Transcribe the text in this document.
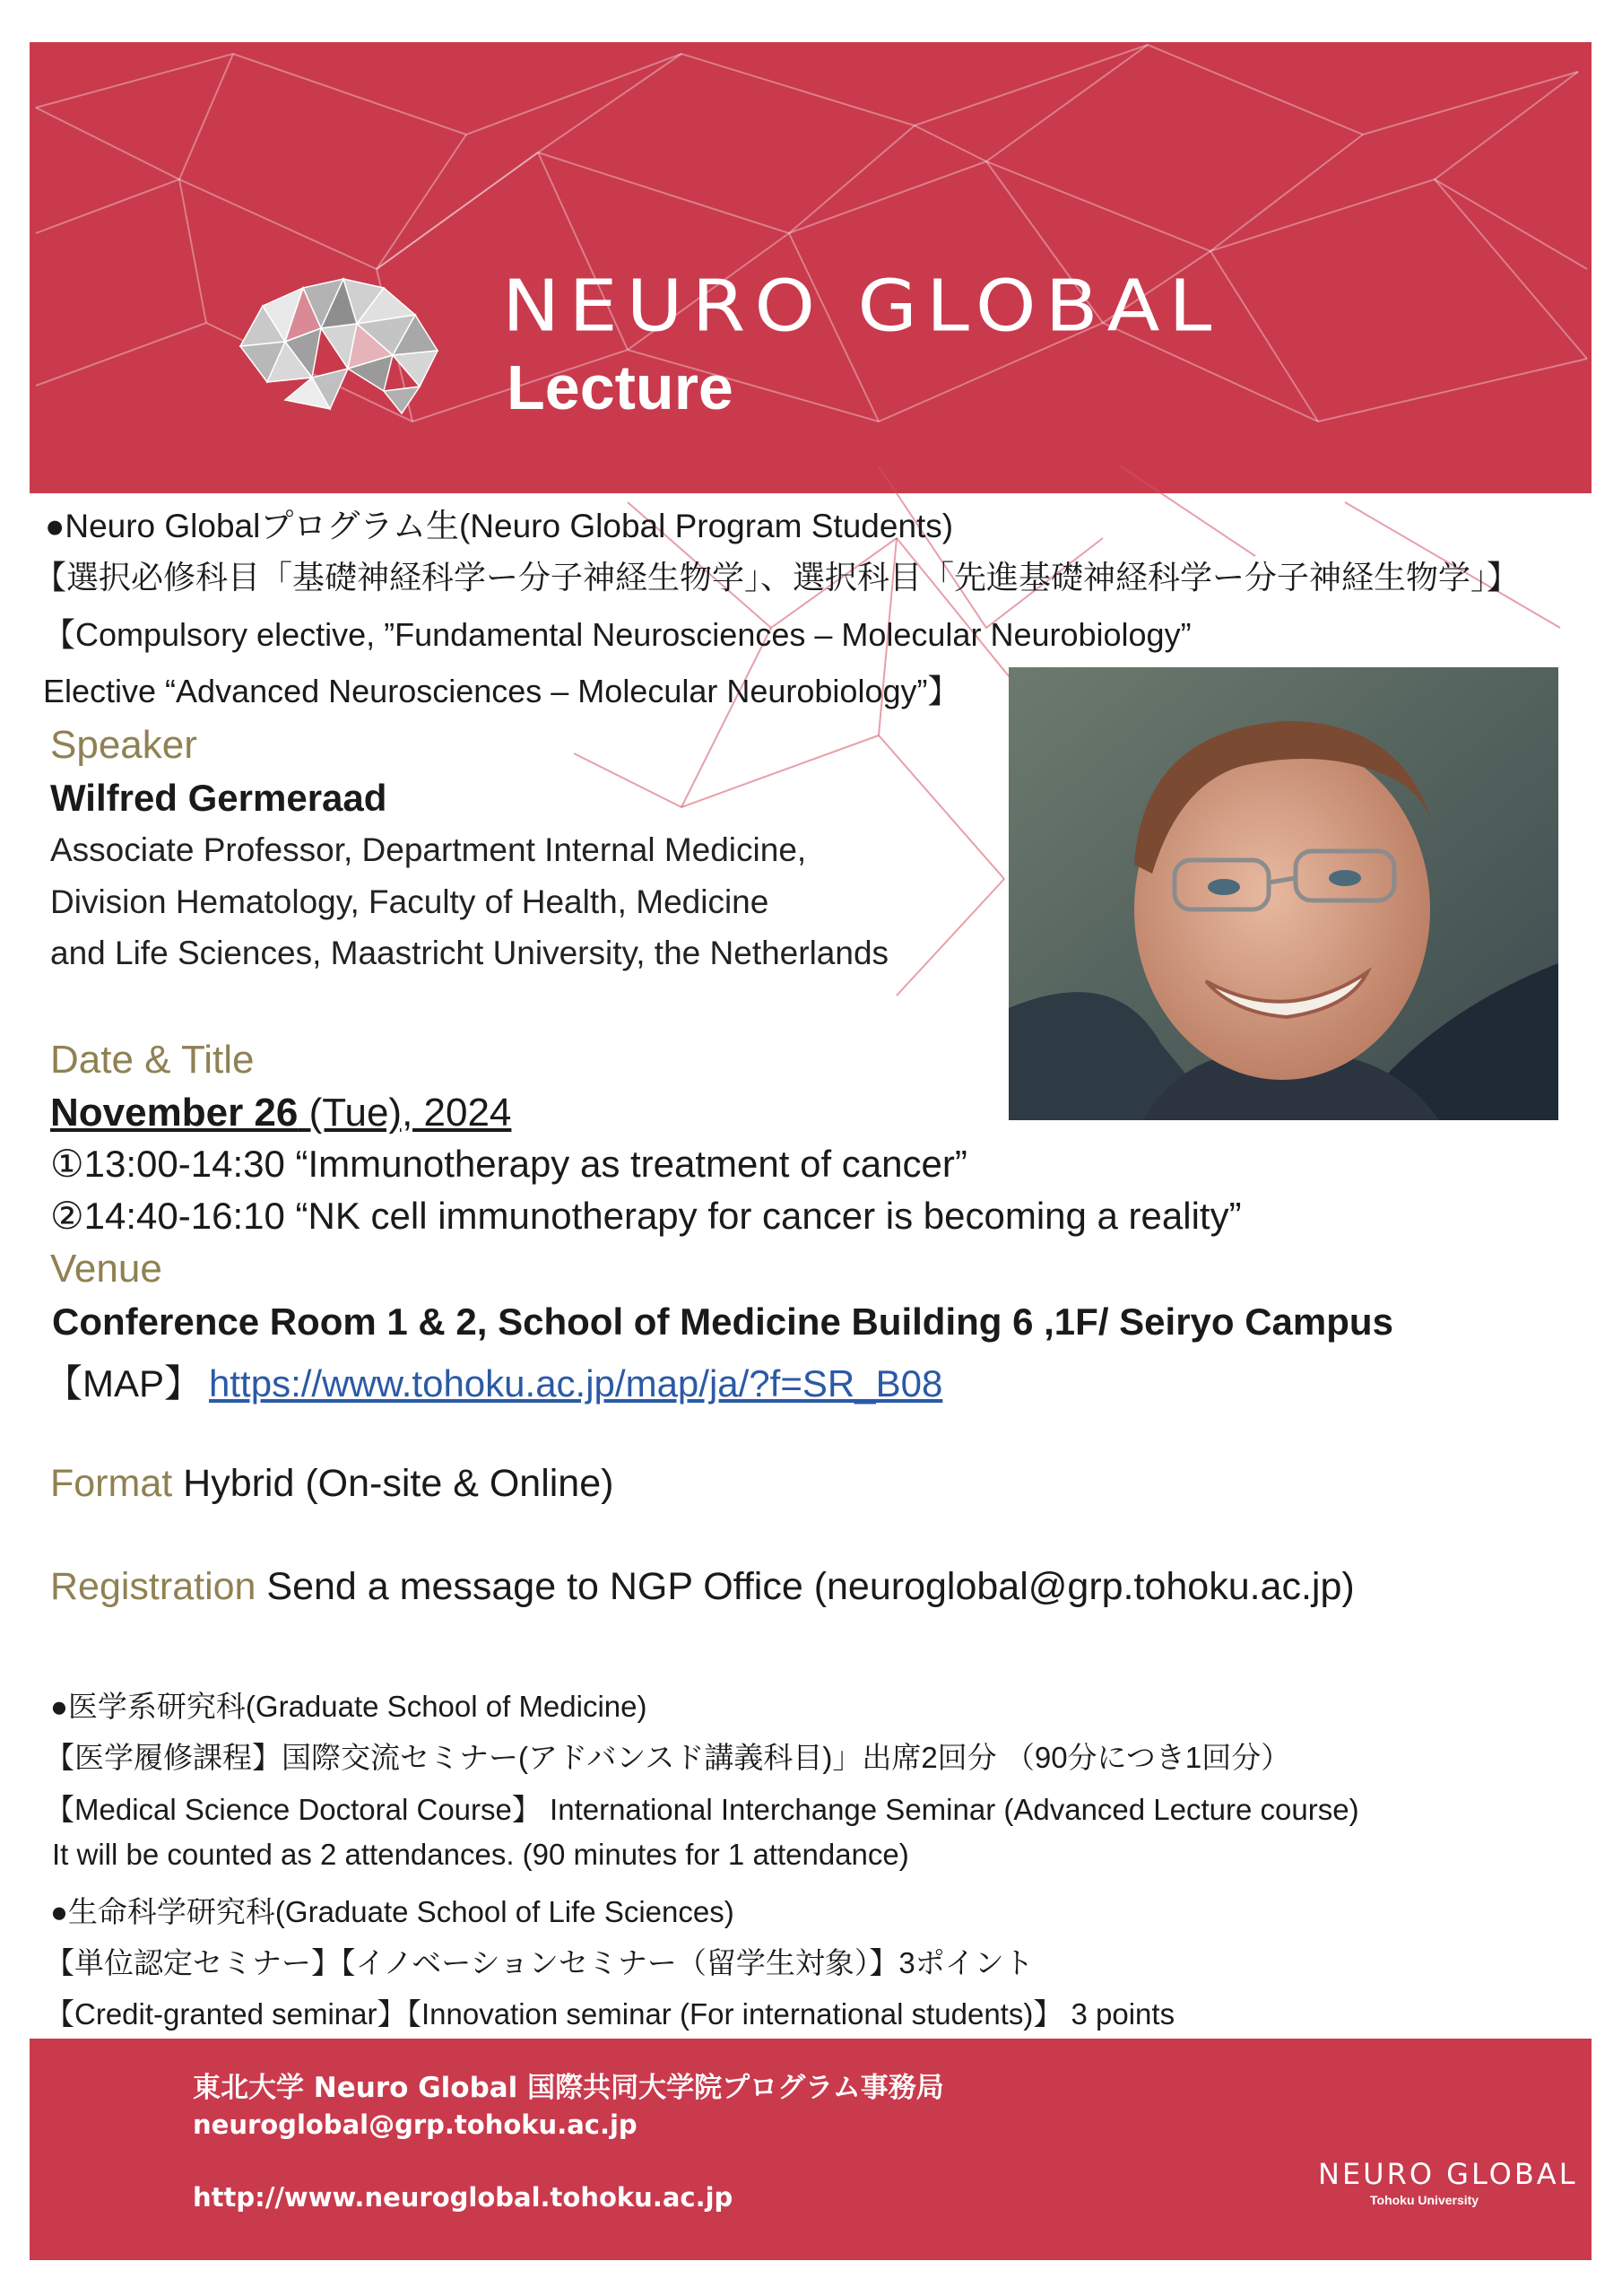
NEURO GLOBAL
Lecture
●Neuro Globalプログラム生(Neuro Global Program Students)
【選択必修科目「基礎神経科学ー分子神経生物学」、選択科目「先進基礎神経科学ー分子神経生物学」】
【Compulsory elective, ”Fundamental Neurosciences – Molecular Neurobiology”
Elective “Advanced Neurosciences – Molecular Neurobiology”】
Speaker
Wilfred Germeraad
Associate Professor, Department Internal Medicine,
Division Hematology, Faculty of Health, Medicine
and Life Sciences, Maastricht University, the Netherlands
Date & Title
November 26 (Tue), 2024
①13:00-14:30 “Immunotherapy as treatment of cancer”
②14:40-16:10 “NK cell immunotherapy for cancer is becoming a reality”
Venue
Conference Room 1 & 2, School of Medicine Building 6 ,1F/ Seiryo Campus
【MAP】 https://www.tohoku.ac.jp/map/ja/?f=SR_B08
Format Hybrid (On-site & Online)
Registration Send a message to NGP Office (neuroglobal@grp.tohoku.ac.jp)
●医学系研究科(Graduate School of Medicine)
【医学履修課程】国際交流セミナー(アドバンスド講義科目)」出席2回分 （90分につき1回分）
【Medical Science Doctoral Course】 International Interchange Seminar (Advanced Lecture course)
It will be counted as 2 attendances. (90 minutes for 1 attendance)
●生命科学研究科(Graduate School of Life Sciences)
【単位認定セミナー】【イノベーションセミナー（留学生対象）】3ポイント
【Credit-granted seminar】【Innovation seminar (For international students)】 3 points
東北大学 Neuro Global 国際共同大学院プログラム事務局
neuroglobal@grp.tohoku.ac.jp
http://www.neuroglobal.tohoku.ac.jp
NEURO GLOBAL
Tohoku University
